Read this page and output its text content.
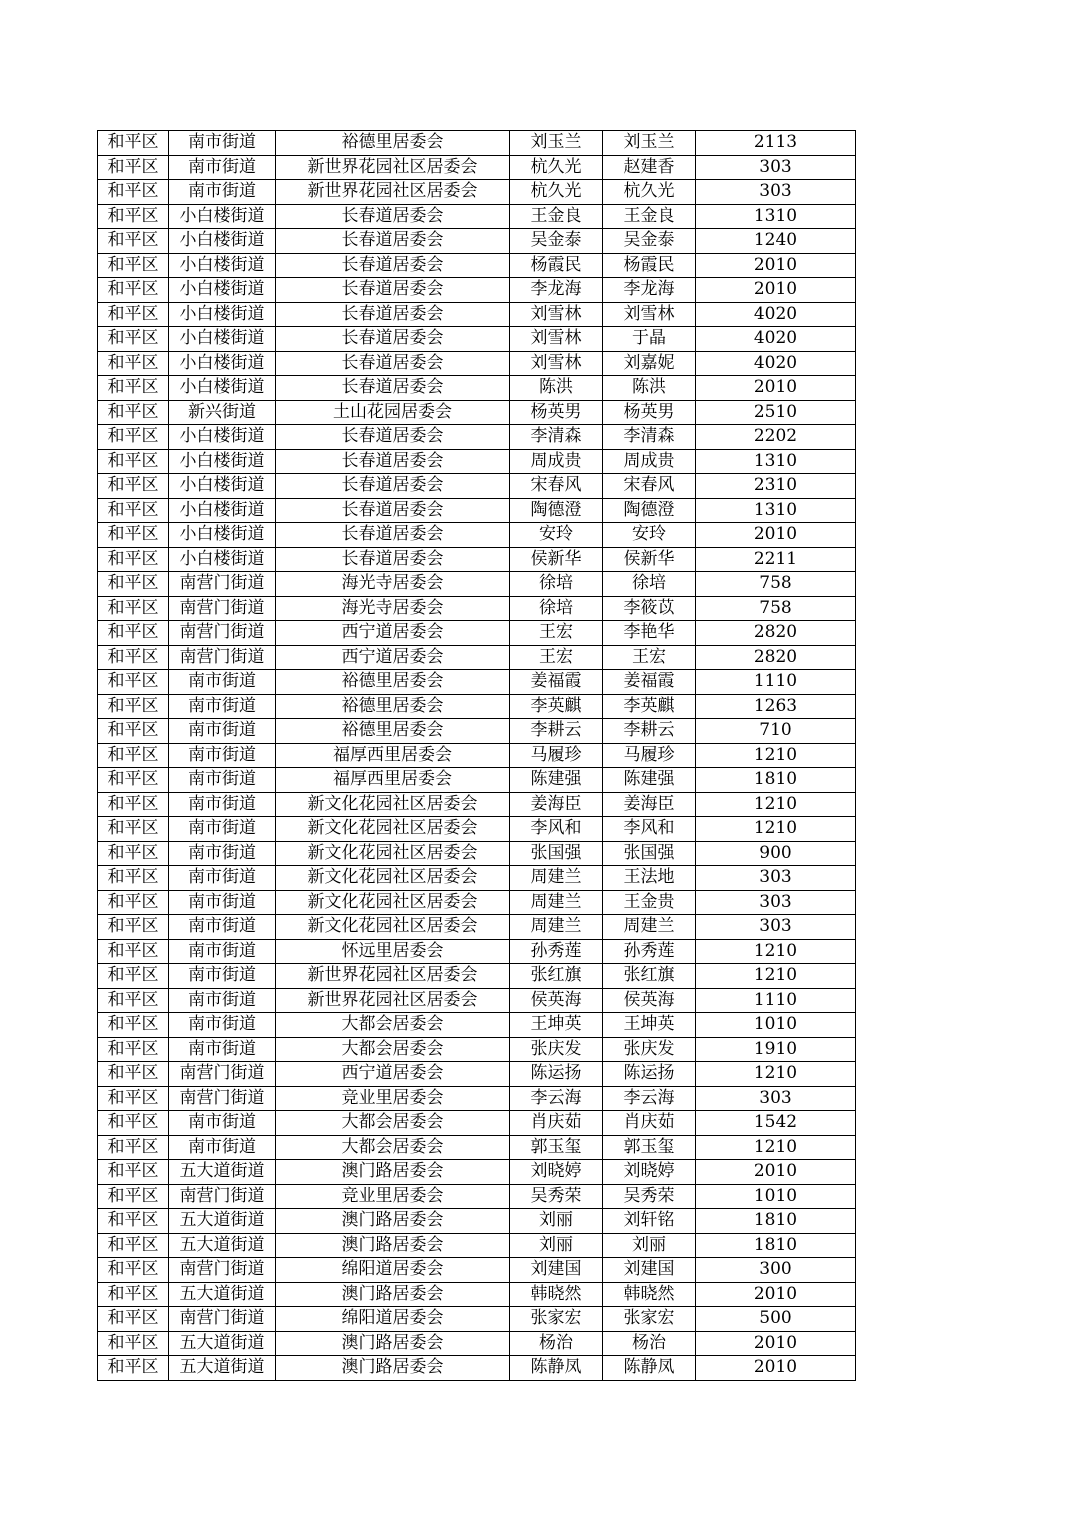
和平区	南市街道	裕德里居委会	刘玉兰	刘玉兰	2113
和平区	南市街道	新世界花园社区居委会	杭久光	赵建香	303
和平区	南市街道	新世界花园社区居委会	杭久光	杭久光	303
和平区	小白楼街道	长春道居委会	王金良	王金良	1310
和平区	小白楼街道	长春道居委会	吴金泰	吴金泰	1240
和平区	小白楼街道	长春道居委会	杨霞民	杨霞民	2010
和平区	小白楼街道	长春道居委会	李龙海	李龙海	2010
和平区	小白楼街道	长春道居委会	刘雪林	刘雪林	4020
和平区	小白楼街道	长春道居委会	刘雪林	于晶	4020
和平区	小白楼街道	长春道居委会	刘雪林	刘嘉妮	4020
和平区	小白楼街道	长春道居委会	陈洪	陈洪	2010
和平区	新兴街道	土山花园居委会	杨英男	杨英男	2510
和平区	小白楼街道	长春道居委会	李清森	李清森	2202
和平区	小白楼街道	长春道居委会	周成贵	周成贵	1310
和平区	小白楼街道	长春道居委会	宋春风	宋春风	2310
和平区	小白楼街道	长春道居委会	陶德澄	陶德澄	1310
和平区	小白楼街道	长春道居委会	安玲	安玲	2010
和平区	小白楼街道	长春道居委会	侯新华	侯新华	2211
和平区	南营门街道	海光寺居委会	徐培	徐培	758
和平区	南营门街道	海光寺居委会	徐培	李筱苡	758
和平区	南营门街道	西宁道居委会	王宏	李艳华	2820
和平区	南营门街道	西宁道居委会	王宏	王宏	2820
和平区	南市街道	裕德里居委会	姜福霞	姜福霞	1110
和平区	南市街道	裕德里居委会	李英麒	李英麒	1263
和平区	南市街道	裕德里居委会	李耕云	李耕云	710
和平区	南市街道	福厚西里居委会	马履珍	马履珍	1210
和平区	南市街道	福厚西里居委会	陈建强	陈建强	1810
和平区	南市街道	新文化花园社区居委会	姜海臣	姜海臣	1210
和平区	南市街道	新文化花园社区居委会	李风和	李风和	1210
和平区	南市街道	新文化花园社区居委会	张国强	张国强	900
和平区	南市街道	新文化花园社区居委会	周建兰	王法地	303
和平区	南市街道	新文化花园社区居委会	周建兰	王金贵	303
和平区	南市街道	新文化花园社区居委会	周建兰	周建兰	303
和平区	南市街道	怀远里居委会	孙秀莲	孙秀莲	1210
和平区	南市街道	新世界花园社区居委会	张红旗	张红旗	1210
和平区	南市街道	新世界花园社区居委会	侯英海	侯英海	1110
和平区	南市街道	大都会居委会	王坤英	王坤英	1010
和平区	南市街道	大都会居委会	张庆发	张庆发	1910
和平区	南营门街道	西宁道居委会	陈运扬	陈运扬	1210
和平区	南营门街道	竞业里居委会	李云海	李云海	303
和平区	南市街道	大都会居委会	肖庆茹	肖庆茹	1542
和平区	南市街道	大都会居委会	郭玉玺	郭玉玺	1210
和平区	五大道街道	澳门路居委会	刘晓婷	刘晓婷	2010
和平区	南营门街道	竞业里居委会	吴秀荣	吴秀荣	1010
和平区	五大道街道	澳门路居委会	刘丽	刘轩铭	1810
和平区	五大道街道	澳门路居委会	刘丽	刘丽	1810
和平区	南营门街道	绵阳道居委会	刘建国	刘建国	300
和平区	五大道街道	澳门路居委会	韩晓然	韩晓然	2010
和平区	南营门街道	绵阳道居委会	张家宏	张家宏	500
和平区	五大道街道	澳门路居委会	杨治	杨治	2010
和平区	五大道街道	澳门路居委会	陈静凤	陈静凤	2010
